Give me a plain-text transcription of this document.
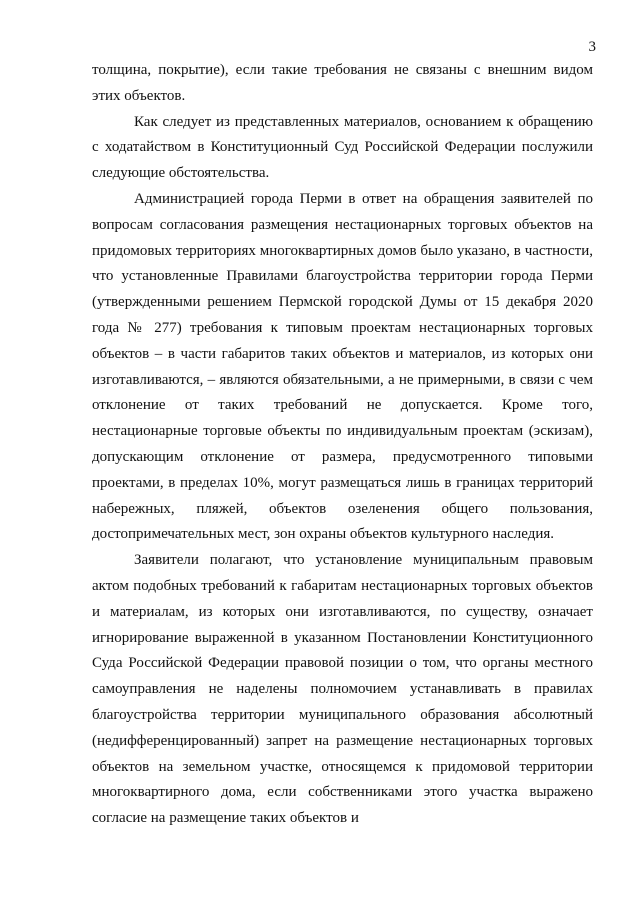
3

толщина, покрытие), если такие требования не связаны с внешним видом этих объектов.

Как следует из представленных материалов, основанием к обращению с ходатайством в Конституционный Суд Российской Федерации послужили следующие обстоятельства.

Администрацией города Перми в ответ на обращения заявителей по вопросам согласования размещения нестационарных торговых объектов на придомовых территориях многоквартирных домов было указано, в частности, что установленные Правилами благоустройства территории города Перми (утвержденными решением Пермской городской Думы от 15 декабря 2020 года № 277) требования к типовым проектам нестационарных торговых объектов – в части габаритов таких объектов и материалов, из которых они изготавливаются, – являются обязательными, а не примерными, в связи с чем отклонение от таких требований не допускается. Кроме того, нестационарные торговые объекты по индивидуальным проектам (эскизам), допускающим отклонение от размера, предусмотренного типовыми проектами, в пределах 10%, могут размещаться лишь в границах территорий набережных, пляжей, объектов озеленения общего пользования, достопримечательных мест, зон охраны объектов культурного наследия.

Заявители полагают, что установление муниципальным правовым актом подобных требований к габаритам нестационарных торговых объектов и материалам, из которых они изготавливаются, по существу, означает игнорирование выраженной в указанном Постановлении Конституционного Суда Российской Федерации правовой позиции о том, что органы местного самоуправления не наделены полномочием устанавливать в правилах благоустройства территории муниципального образования абсолютный (недифференцированный) запрет на размещение нестационарных торговых объектов на земельном участке, относящемся к придомовой территории многоквартирного дома, если собственниками этого участка выражено согласие на размещение таких объектов и
